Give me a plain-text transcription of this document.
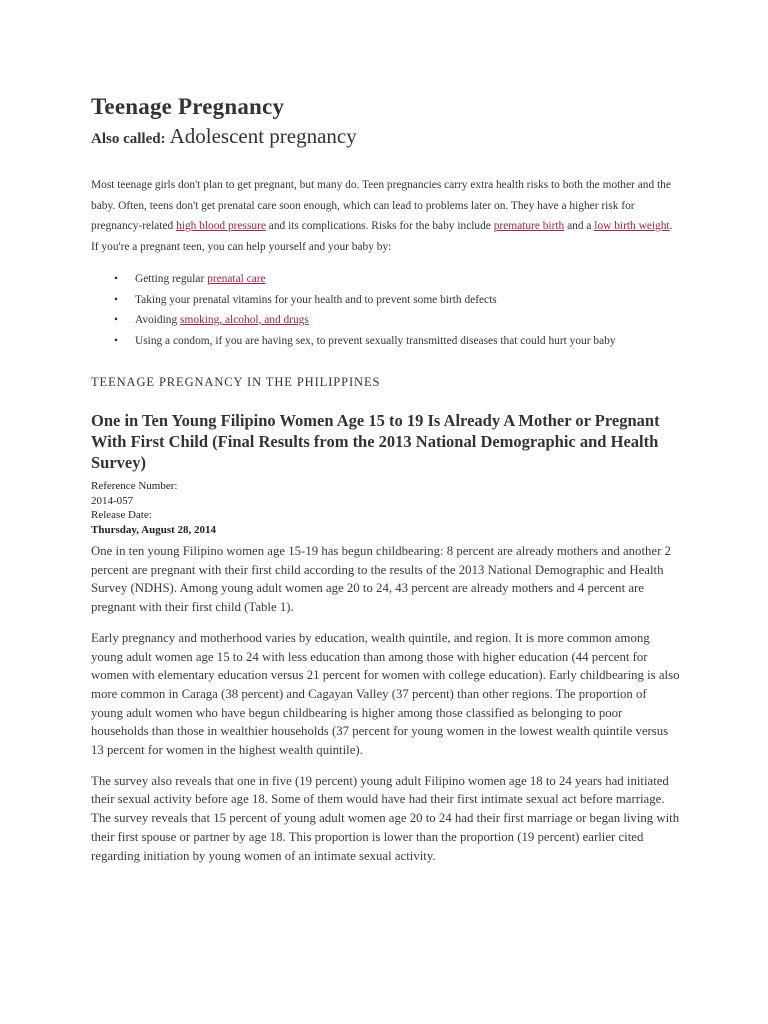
Teenage Pregnancy

Also called: Adolescent pregnancy

Most teenage girls don't plan to get pregnant, but many do. Teen pregnancies carry extra health risks to both the mother and the baby. Often, teens don't get prenatal care soon enough, which can lead to problems later on. They have a higher risk for pregnancy-related high blood pressure and its complications. Risks for the baby include premature birth and a low birth weight.
If you're a pregnant teen, you can help yourself and your baby by:

• Getting regular prenatal care
• Taking your prenatal vitamins for your health and to prevent some birth defects
• Avoiding smoking, alcohol, and drugs
• Using a condom, if you are having sex, to prevent sexually transmitted diseases that could hurt your baby
TEENAGE PREGNANCY IN THE PHILIPPINES
One in Ten Young Filipino Women Age 15 to 19 Is Already A Mother or Pregnant With First Child (Final Results from the 2013 National Demographic and Health Survey)
Reference Number:
2014-057
Release Date:
Thursday, August 28, 2014

One in ten young Filipino women age 15-19 has begun childbearing: 8 percent are already mothers and another 2 percent are pregnant with their first child according to the results of the 2013 National Demographic and Health Survey (NDHS). Among young adult women age 20 to 24, 43 percent are already mothers and 4 percent are pregnant with their first child (Table 1).

Early pregnancy and motherhood varies by education, wealth quintile, and region. It is more common among young adult women age 15 to 24 with less education than among those with higher education (44 percent for women with elementary education versus 21 percent for women with college education). Early childbearing is also more common in Caraga (38 percent) and Cagayan Valley (37 percent) than other regions. The proportion of young adult women who have begun childbearing is higher among those classified as belonging to poor households than those in wealthier households (37 percent for young women in the lowest wealth quintile versus 13 percent for women in the highest wealth quintile).

The survey also reveals that one in five (19 percent) young adult Filipino women age 18 to 24 years had initiated their sexual activity before age 18. Some of them would have had their first intimate sexual act before marriage. The survey reveals that 15 percent of young adult women age 20 to 24 had their first marriage or began living with their first spouse or partner by age 18. This proportion is lower than the proportion (19 percent) earlier cited regarding initiation by young women of an intimate sexual activity.
